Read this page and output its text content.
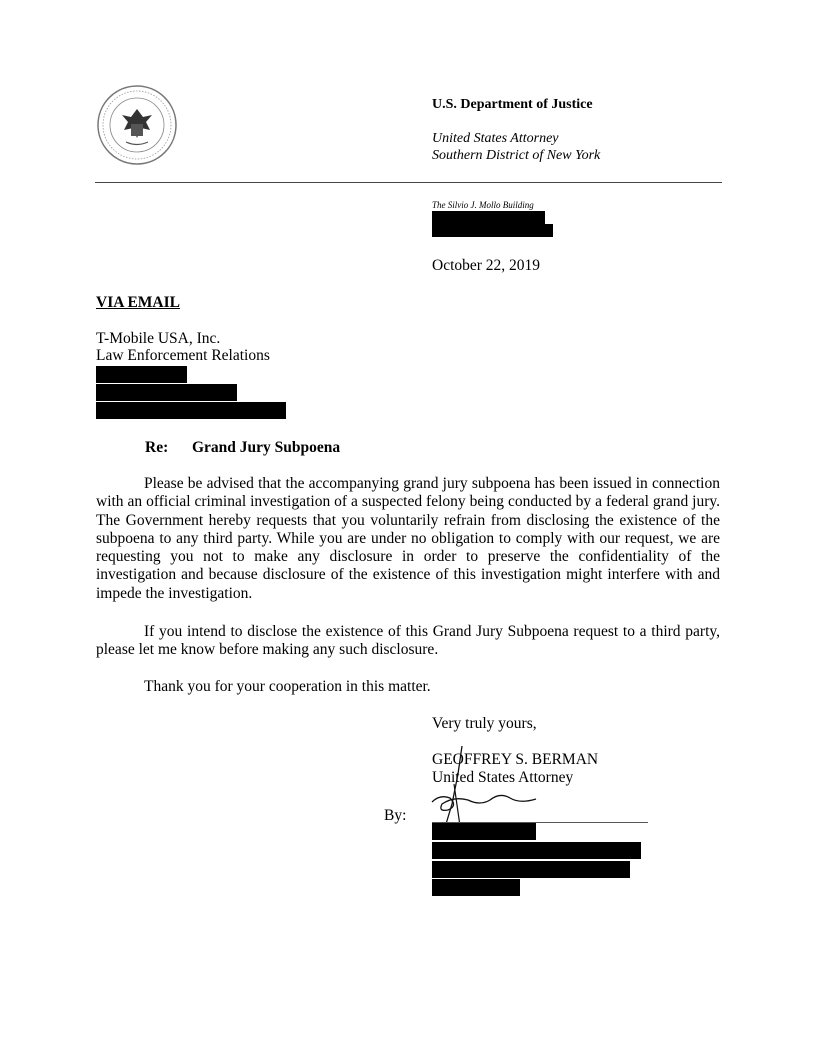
U.S. Department of Justice
United States Attorney
Southern District of New York
The Silvio J. Mollo Building
October 22, 2019
VIA EMAIL
T-Mobile USA, Inc.
Law Enforcement Relations
Re: Grand Jury Subpoena
Please be advised that the accompanying grand jury subpoena has been issued in connection with an official criminal investigation of a suspected felony being conducted by a federal grand jury. The Government hereby requests that you voluntarily refrain from disclosing the existence of the subpoena to any third party. While you are under no obligation to comply with our request, we are requesting you not to make any disclosure in order to preserve the confidentiality of the investigation and because disclosure of the existence of this investigation might interfere with and impede the investigation.
If you intend to disclose the existence of this Grand Jury Subpoena request to a third party, please let me know before making any such disclosure.
Thank you for your cooperation in this matter.
Very truly yours,
GEOFFREY S. BERMAN
United States Attorney
By:
